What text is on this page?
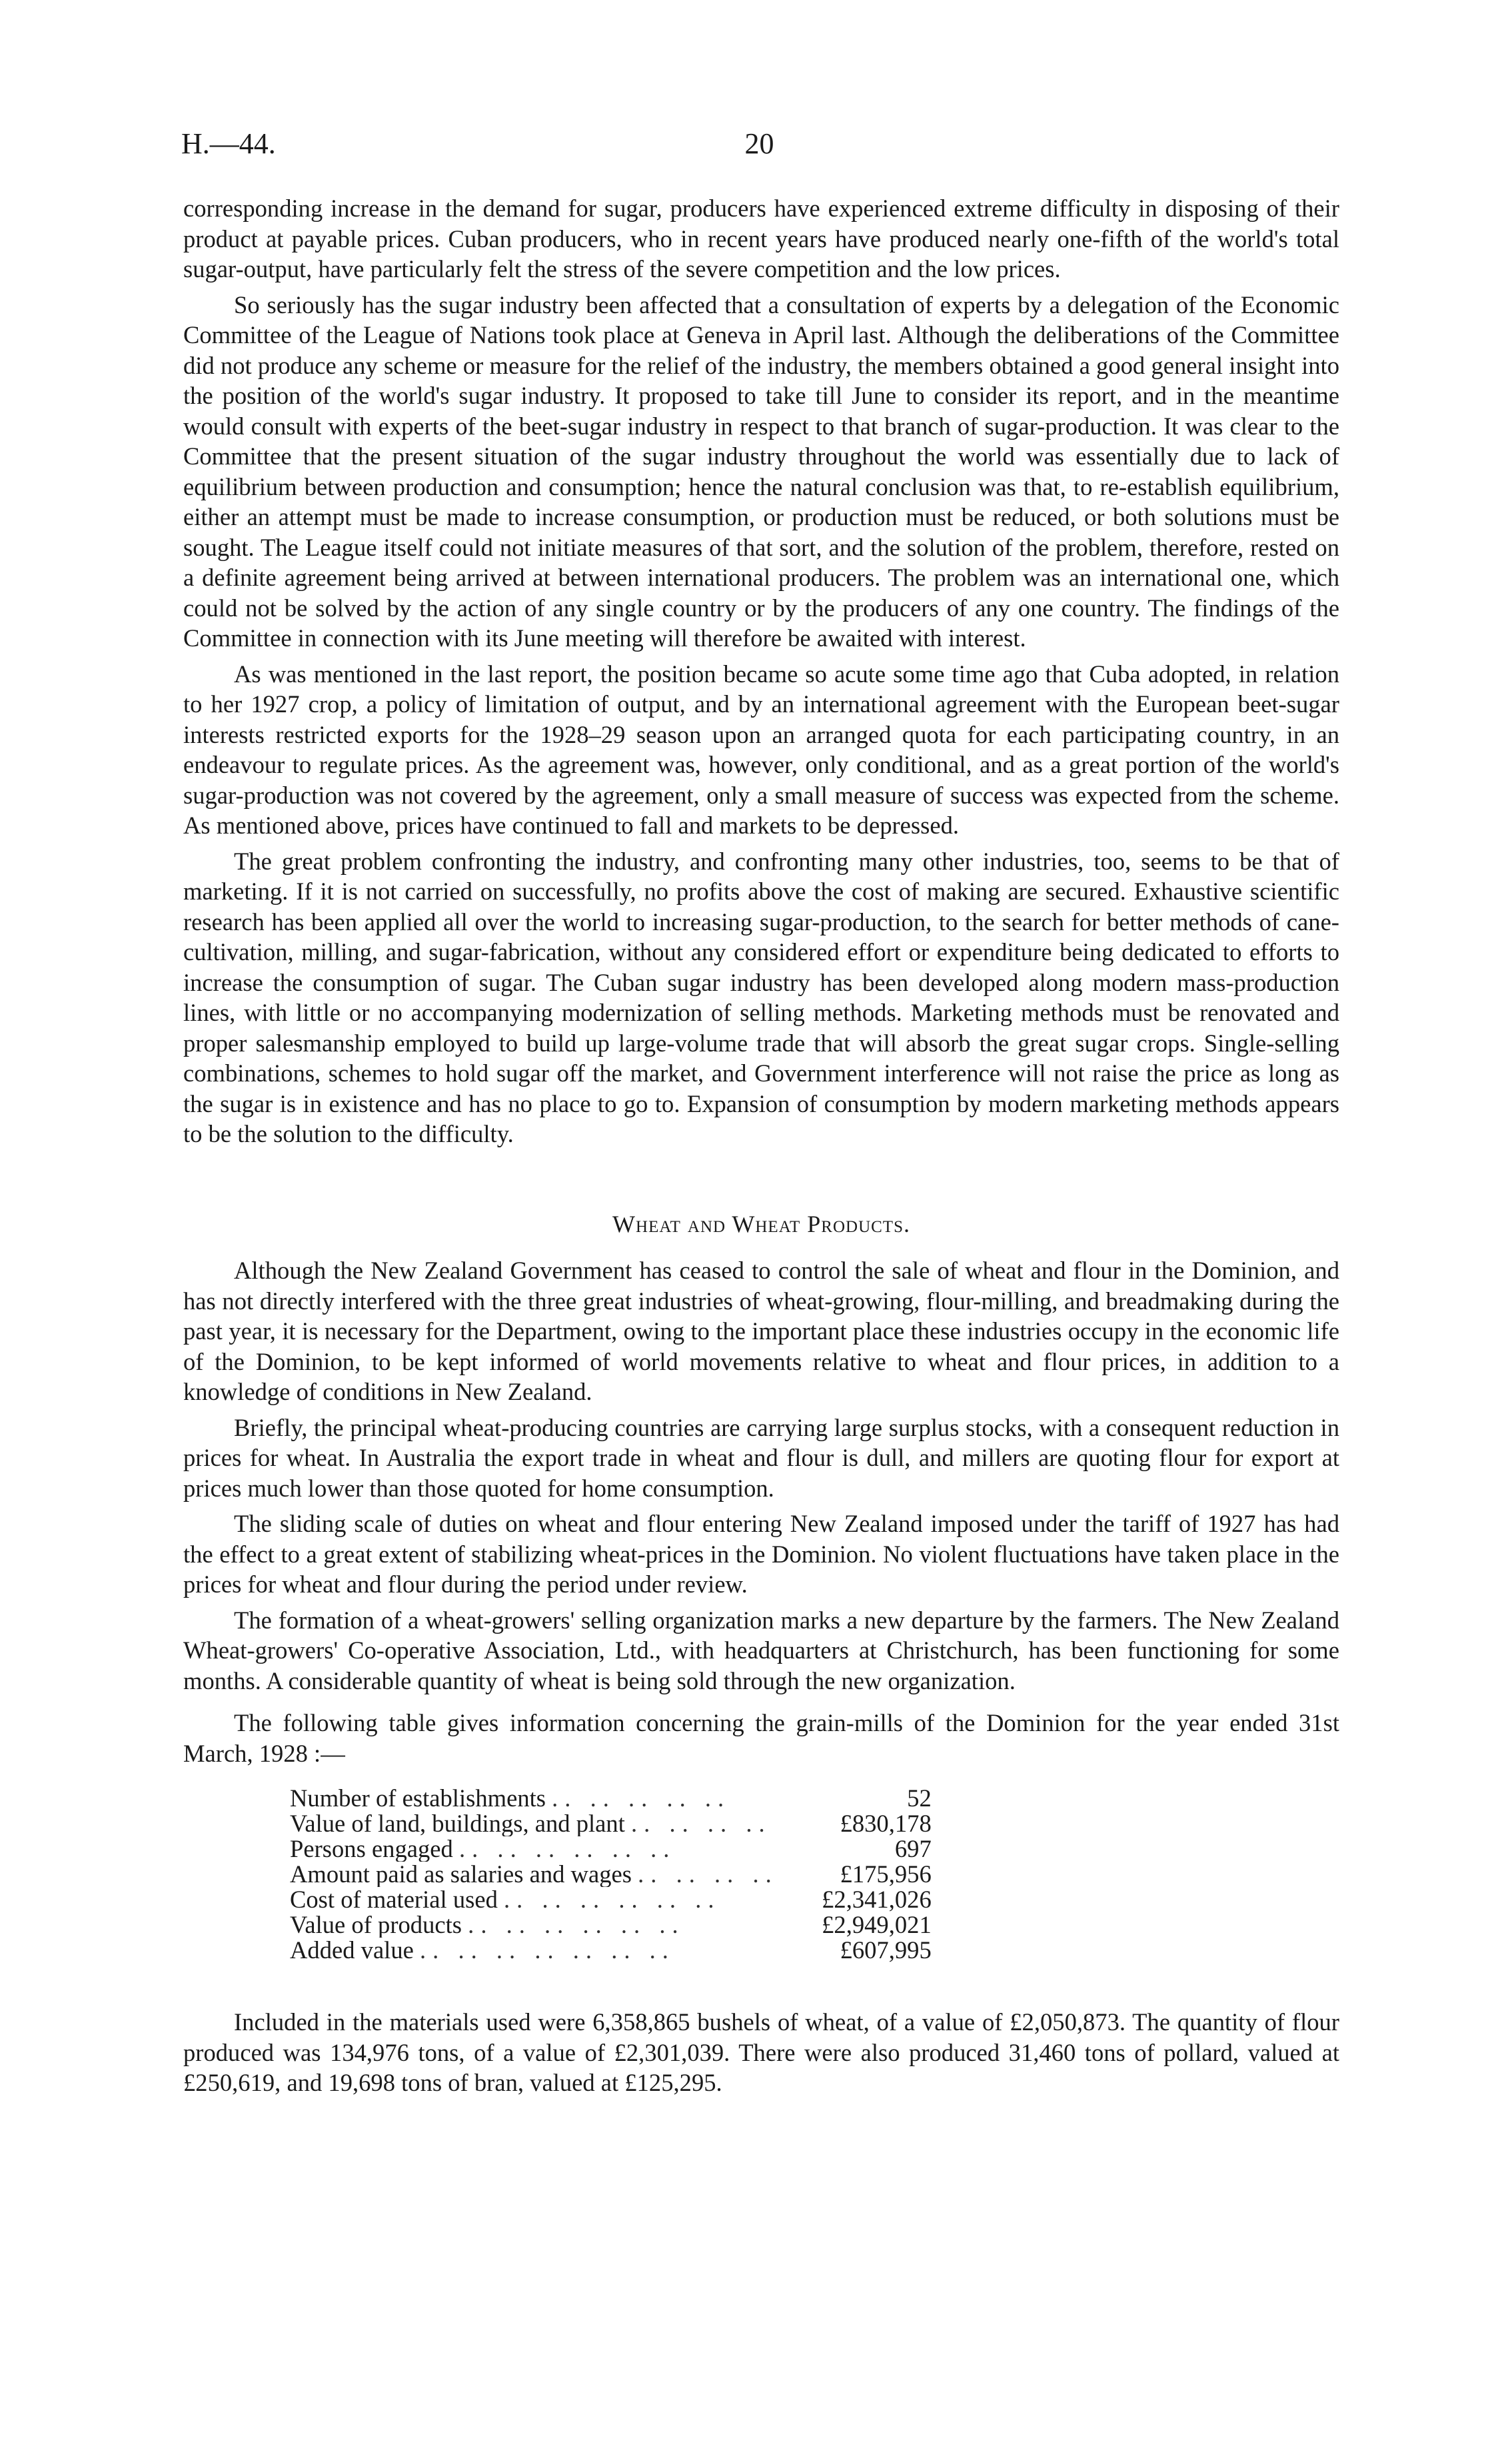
H.—44.	20

corresponding increase in the demand for sugar, producers have experienced extreme difficulty in disposing of their product at payable prices. Cuban producers, who in recent years have produced nearly one-fifth of the world's total sugar-output, have particularly felt the stress of the severe competition and the low prices.

So seriously has the sugar industry been affected that a consultation of experts by a delegation of the Economic Committee of the League of Nations took place at Geneva in April last. Although the deliberations of the Committee did not produce any scheme or measure for the relief of the industry, the members obtained a good general insight into the position of the world's sugar industry. It proposed to take till June to consider its report, and in the meantime would consult with experts of the beet-sugar industry in respect to that branch of sugar-production. It was clear to the Committee that the present situation of the sugar industry throughout the world was essentially due to lack of equilibrium between production and consumption; hence the natural conclusion was that, to re-establish equilibrium, either an attempt must be made to increase consumption, or production must be reduced, or both solutions must be sought. The League itself could not initiate measures of that sort, and the solution of the problem, therefore, rested on a definite agreement being arrived at between international producers. The problem was an international one, which could not be solved by the action of any single country or by the producers of any one country. The findings of the Committee in connection with its June meeting will therefore be awaited with interest.

As was mentioned in the last report, the position became so acute some time ago that Cuba adopted, in relation to her 1927 crop, a policy of limitation of output, and by an international agreement with the European beet-sugar interests restricted exports for the 1928–29 season upon an arranged quota for each participating country, in an endeavour to regulate prices. As the agreement was, however, only conditional, and as a great portion of the world's sugar-production was not covered by the agreement, only a small measure of success was expected from the scheme. As mentioned above, prices have continued to fall and markets to be depressed.

The great problem confronting the industry, and confronting many other industries, too, seems to be that of marketing. If it is not carried on successfully, no profits above the cost of making are secured. Exhaustive scientific research has been applied all over the world to increasing sugar-production, to the search for better methods of cane-cultivation, milling, and sugar-fabrication, without any considered effort or expenditure being dedicated to efforts to increase the consumption of sugar. The Cuban sugar industry has been developed along modern mass-production lines, with little or no accompanying modernization of selling methods. Marketing methods must be renovated and proper salesmanship employed to build up large-volume trade that will absorb the great sugar crops. Single-selling combinations, schemes to hold sugar off the market, and Government interference will not raise the price as long as the sugar is in existence and has no place to go to. Expansion of consumption by modern marketing methods appears to be the solution to the difficulty.

Wheat and Wheat Products.

Although the New Zealand Government has ceased to control the sale of wheat and flour in the Dominion, and has not directly interfered with the three great industries of wheat-growing, flour-milling, and breadmaking during the past year, it is necessary for the Department, owing to the important place these industries occupy in the economic life of the Dominion, to be kept informed of world movements relative to wheat and flour prices, in addition to a knowledge of conditions in New Zealand.

Briefly, the principal wheat-producing countries are carrying large surplus stocks, with a consequent reduction in prices for wheat. In Australia the export trade in wheat and flour is dull, and millers are quoting flour for export at prices much lower than those quoted for home consumption.

The sliding scale of duties on wheat and flour entering New Zealand imposed under the tariff of 1927 has had the effect to a great extent of stabilizing wheat-prices in the Dominion. No violent fluctuations have taken place in the prices for wheat and flour during the period under review.

The formation of a wheat-growers' selling organization marks a new departure by the farmers. The New Zealand Wheat-growers' Co-operative Association, Ltd., with headquarters at Christchurch, has been functioning for some months. A considerable quantity of wheat is being sold through the new organization.

The following table gives information concerning the grain-mills of the Dominion for the year ended 31st March, 1928 :—

Number of establishments .. .. .. .. ..	52
Value of land, buildings, and plant .. .. .. ..	£830,178
Persons engaged .. .. .. .. .. ..	697
Amount paid as salaries and wages .. .. .. ..	£175,956
Cost of material used .. .. .. .. .. ..	£2,341,026
Value of products .. .. .. .. .. ..	£2,949,021
Added value .. .. .. .. .. .. ..	£607,995

Included in the materials used were 6,358,865 bushels of wheat, of a value of £2,050,873. The quantity of flour produced was 134,976 tons, of a value of £2,301,039. There were also produced 31,460 tons of pollard, valued at £250,619, and 19,698 tons of bran, valued at £125,295.
